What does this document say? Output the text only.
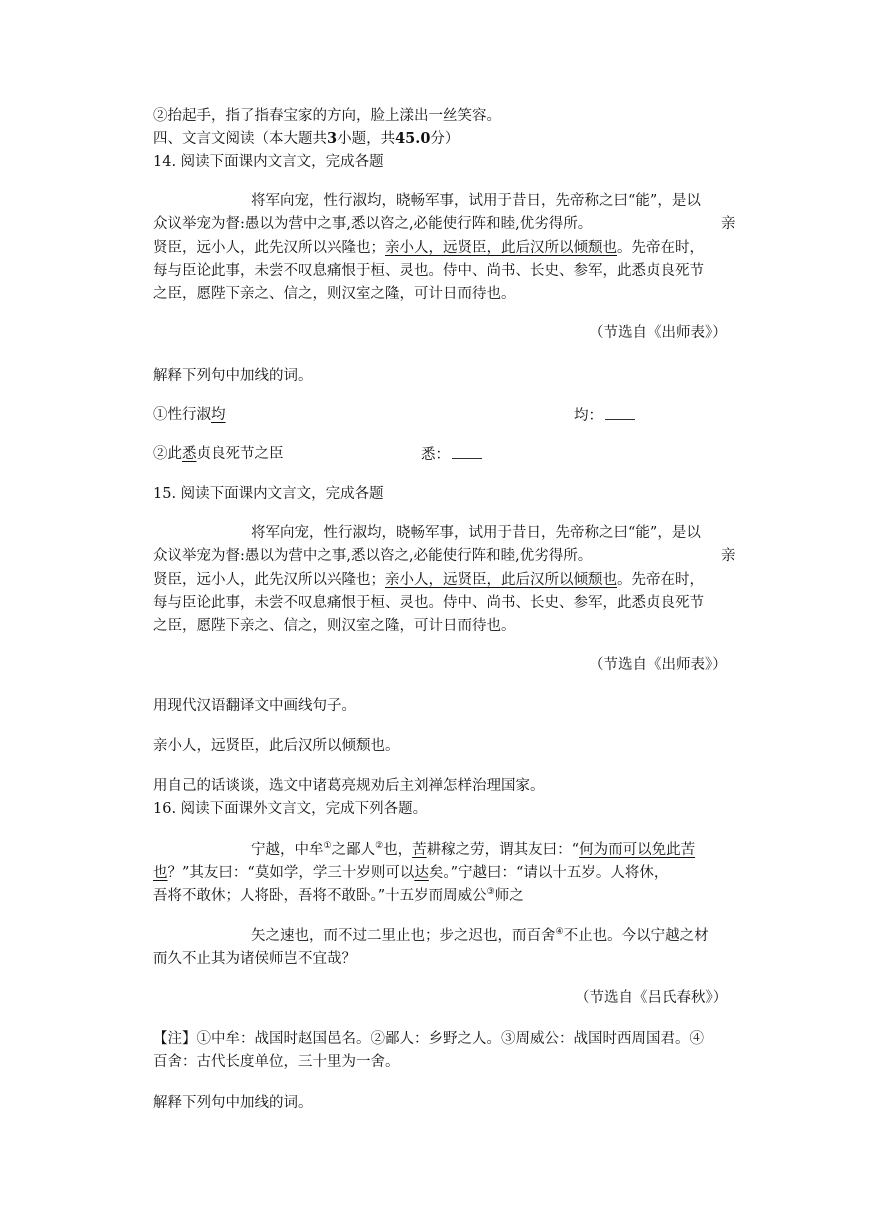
②抬起手，指了指春宝家的方向，脸上漾出一丝笑容。
四、文言文阅读（本大题共3小题，共45.0分）
14. 阅读下面课内文言文，完成各题
将军向宠，性行淑均，晓畅军事，试用于昔日，先帝称之曰“能”，是以
众议举宠为督:愚以为营中之事,悉以咨之,必能使行阵和睦,优劣得所。	亲
贤臣，远小人，此先汉所以兴隆也；亲小人，远贤臣，此后汉所以倾颓也。先帝在时，
每与臣论此事，未尝不叹息痛恨于桓、灵也。侍中、尚书、长史、参军，此悉贞良死节
之臣，愿陛下亲之、信之，则汉室之隆，可计日而待也。
（节选自《出师表》）
解释下列句中加线的词。
①性行淑均	均：
②此悉贞良死节之臣	悉：
15. 阅读下面课内文言文，完成各题
将军向宠，性行淑均，晓畅军事，试用于昔日，先帝称之曰“能”，是以
众议举宠为督:愚以为营中之事,悉以咨之,必能使行阵和睦,优劣得所。	亲
贤臣，远小人，此先汉所以兴隆也；亲小人，远贤臣，此后汉所以倾颓也。先帝在时，
每与臣论此事，未尝不叹息痛恨于桓、灵也。侍中、尚书、长史、参军，此悉贞良死节
之臣，愿陛下亲之、信之，则汉室之隆，可计日而待也。
（节选自《出师表》）
用现代汉语翻译文中画线句子。
亲小人，远贤臣，此后汉所以倾颓也。
用自己的话谈谈，选文中诸葛亮规劝后主刘禅怎样治理国家。
16. 阅读下面课外文言文，完成下列各题。
宁越，中牟①之鄙人②也，苦耕稼之劳，谓其友曰：“何为而可以免此苦
也？”其友曰：“莫如学，学三十岁则可以达矣。”宁越曰：“请以十五岁。人将休，
吾将不敢休；人将卧，吾将不敢卧。”十五岁而周威公③师之
矢之速也，而不过二里止也；步之迟也，而百舍④不止也。今以宁越之材
而久不止其为诸侯师岂不宜哉？
（节选自《吕氏春秋》）
【注】①中牟：战国时赵国邑名。②鄙人：乡野之人。③周威公：战国时西周国君。④
百舍：古代长度单位，三十里为一舍。
解释下列句中加线的词。
